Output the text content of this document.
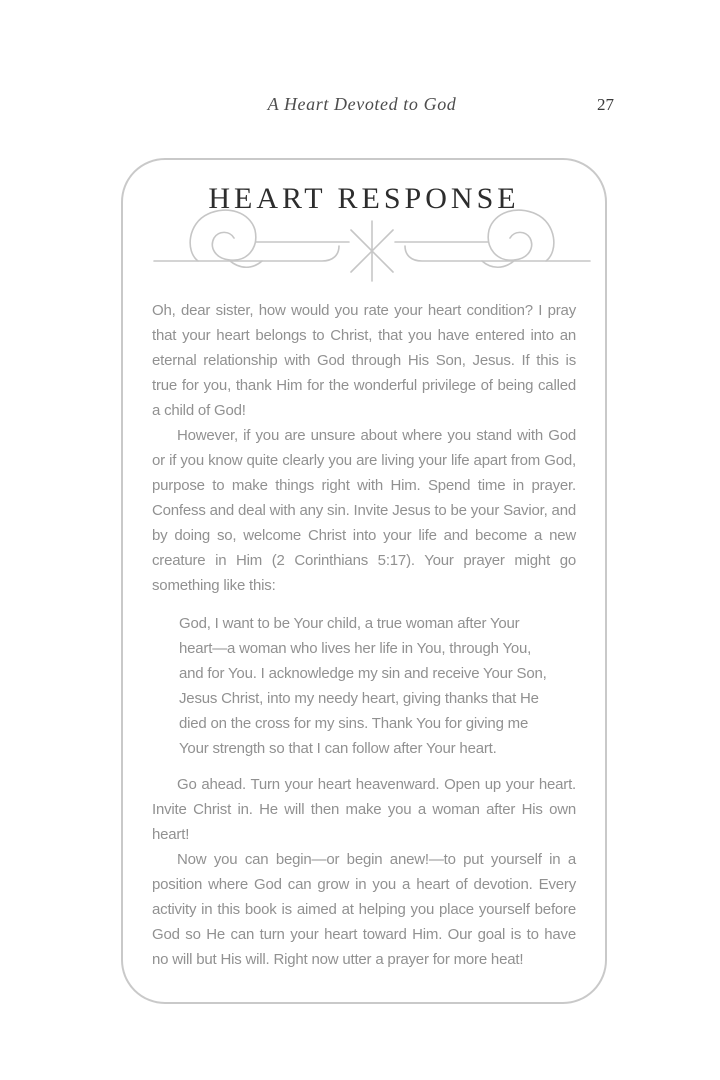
A Heart Devoted to God	27
HEART RESPONSE

Oh, dear sister, how would you rate your heart condition? I pray that your heart belongs to Christ, that you have entered into an eternal relationship with God through His Son, Jesus. If this is true for you, thank Him for the wonderful privilege of being called a child of God!

However, if you are unsure about where you stand with God or if you know quite clearly you are living your life apart from God, purpose to make things right with Him. Spend time in prayer. Confess and deal with any sin. Invite Jesus to be your Savior, and by doing so, welcome Christ into your life and become a new creature in Him (2 Corinthians 5:17). Your prayer might go something like this:

God, I want to be Your child, a true woman after Your heart—a woman who lives her life in You, through You, and for You. I acknowledge my sin and receive Your Son, Jesus Christ, into my needy heart, giving thanks that He died on the cross for my sins. Thank You for giving me Your strength so that I can follow after Your heart.

Go ahead. Turn your heart heavenward. Open up your heart. Invite Christ in. He will then make you a woman after His own heart!

Now you can begin—or begin anew!—to put yourself in a position where God can grow in you a heart of devotion. Every activity in this book is aimed at helping you place yourself before God so He can turn your heart toward Him. Our goal is to have no will but His will. Right now utter a prayer for more heat!
